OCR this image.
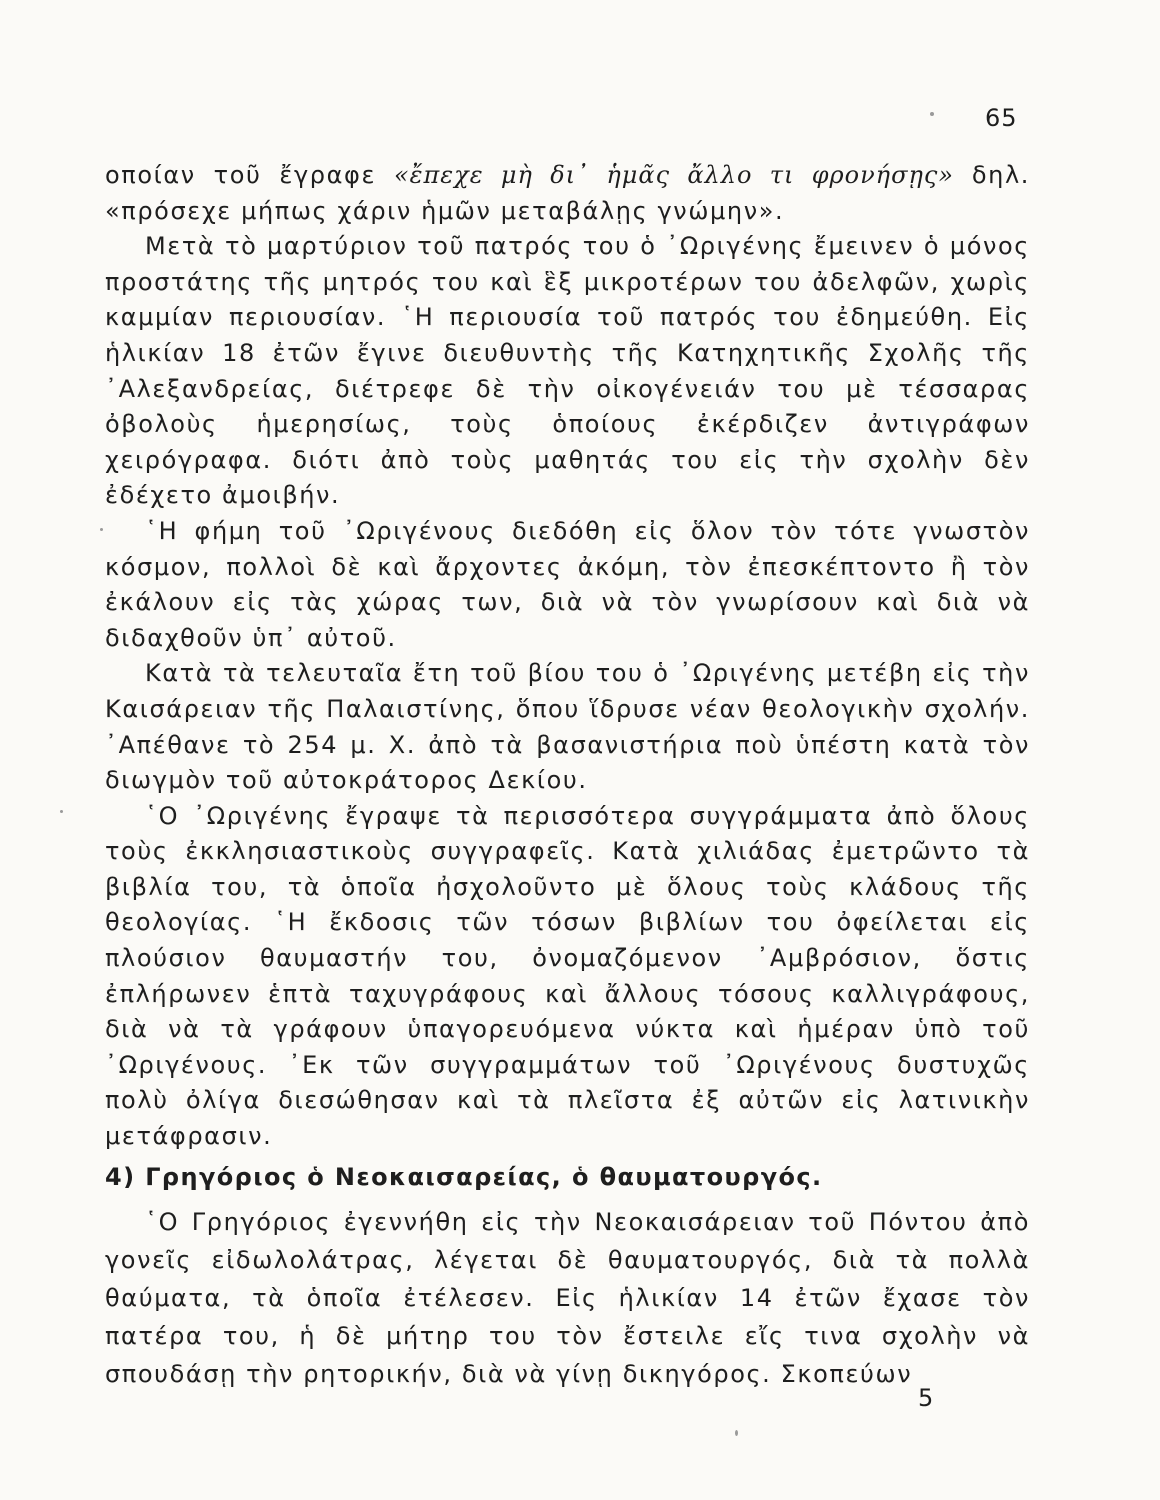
65

οποίαν τοῦ ἔγραφε «ἔπεχε μὴ δι᾿ ἡμᾶς ἄλλο τι φρονήσῃς» δηλ. «πρόσεχε μήπως χάριν ἡμῶν μεταβάλῃς γνώμην».

Μετὰ τὸ μαρτύριον τοῦ πατρός του ὁ ᾿Ωριγένης ἔμεινεν ὁ μόνος προστάτης τῆς μητρός του καὶ ἓξ μικροτέρων του ἀδελφῶν, χωρὶς καμμίαν περιουσίαν. ῾Η περιουσία τοῦ πατρός του ἐδημεύθη. Εἰς ἡλικίαν 18 ἐτῶν ἔγινε διευθυντὴς τῆς Κατηχητικῆς Σχολῆς τῆς ᾿Αλεξανδρείας, διέτρεφε δὲ τὴν οἰκογένειάν του μὲ τέσσαρας ὀβολοὺς ἡμερησίως, τοὺς ὁποίους ἐκέρδιζεν ἀντιγράφων χειρόγραφα. διότι ἀπὸ τοὺς μαθητάς του εἰς τὴν σχολὴν δὲν ἐδέχετο ἀμοιβήν.

῾Η φήμη τοῦ ᾿Ωριγένους διεδόθη εἰς ὅλον τὸν τότε γνωστὸν κόσμον, πολλοὶ δὲ καὶ ἄρχοντες ἀκόμη, τὸν ἐπεσκέπτοντο ἢ τὸν ἐκάλουν εἰς τὰς χώρας των, διὰ νὰ τὸν γνωρίσουν καὶ διὰ νὰ διδαχθοῦν ὑπ᾿ αὐτοῦ.

Κατὰ τὰ τελευταῖα ἔτη τοῦ βίου του ὁ ᾿Ωριγένης μετέβη εἰς τὴν Καισάρειαν τῆς Παλαιστίνης, ὅπου ἵδρυσε νέαν θεολογικὴν σχολήν. ᾿Απέθανε τὸ 254 μ. Χ. ἀπὸ τὰ βασανιστήρια ποὺ ὑπέστη κατὰ τὸν διωγμὸν τοῦ αὐτοκράτορος Δεκίου.

῾Ο ᾿Ωριγένης ἔγραψε τὰ περισσότερα συγγράμματα ἀπὸ ὅλους τοὺς ἐκκλησιαστικοὺς συγγραφεῖς. Κατὰ χιλιάδας ἐμετρῶντο τὰ βιβλία του, τὰ ὁποῖα ἠσχολοῦντο μὲ ὅλους τοὺς κλάδους τῆς θεολογίας. ῾Η ἔκδοσις τῶν τόσων βιβλίων του ὀφείλεται εἰς πλούσιον θαυμαστήν του, ὀνομαζόμενον ᾿Αμβρόσιον, ὅστις ἐπλήρωνεν ἑπτὰ ταχυγράφους καὶ ἄλλους τόσους καλλιγράφους, διὰ νὰ τὰ γράφουν ὑπαγορευόμενα νύκτα καὶ ἡμέραν ὑπὸ τοῦ ᾿Ωριγένους. ᾿Εκ τῶν συγγραμμάτων τοῦ ᾿Ωριγένους δυστυχῶς πολὺ ὀλίγα διεσώθησαν καὶ τὰ πλεῖστα ἐξ αὐτῶν εἰς λατινικὴν μετάφρασιν.

4) Γρηγόριος ὁ Νεοκαισαρείας, ὁ θαυματουργός.

῾Ο Γρηγόριος ἐγεννήθη εἰς τὴν Νεοκαισάρειαν τοῦ Πόντου ἀπὸ γονεῖς εἰδωλολάτρας, λέγεται δὲ θαυματουργός, διὰ τὰ πολλὰ θαύματα, τὰ ὁποῖα ἐτέλεσεν. Εἰς ἡλικίαν 14 ἐτῶν ἔχασε τὸν πατέρα του, ἡ δὲ μήτηρ του τὸν ἔστειλε εἴς τινα σχολὴν νὰ σπουδάσῃ τὴν ρητορικήν, διὰ νὰ γίνῃ δικηγόρος. Σκοπεύων

5
